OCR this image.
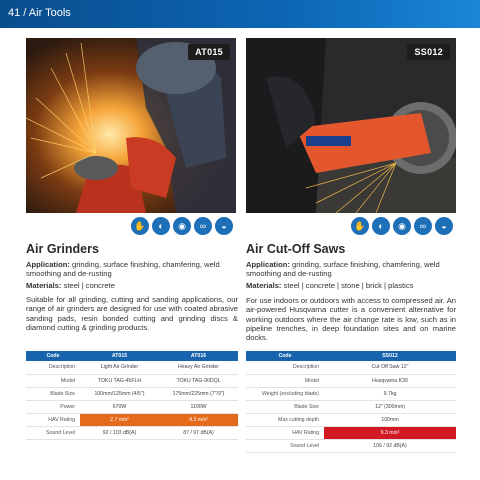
41 / Air Tools
AT015	SS012
✋	◐	◉	∞	◒	✋	◐	◉	∞	◒
Air Grinders	Air Cut-Off Saws
Application: grinding, surface finishing, chamfering, weld smoothing and de-rusting
Materials: steel | concrete
Suitable for all grinding, cutting and sanding applications, our range of air grinders are designed for use with coated abrasive sanding pads, resin bonded cutting and grinding discs & diamond cutting & grinding products.
Application: grinding, surface finishing, chamfering, weld smoothing and de-rusting
Materials: steel | concrete | stone | brick | plastics
For use indoors or outdoors with access to compressed air. An air-powered Husqvarna cutter is a convenient alternative for working outdoors where the air change rate is low, such as in pipeline trenches, in deep foundation sites and on marine docks.
Code	AT015	AT016
Description	Light Air Grinder	Heavy Air Grinder
Model	TOKU TAG-45FLH	TOKU TAG-90DQL
Blade Size	100mm/125mm (4/5")	175mm/225mm (7"/9")
Power	670W	1100W
HAV Rating	2.7 m/s²	4.3 m/s²
Sound Level	92 / 103 dB(A)	87 / 97 dB(A)
Code	SS012
Description	Cut Off Saw 12"
Model	Husqvarna K30
Weight (excluding blade)	9.7kg
Blade Size	12" (300mm)
Max cutting depth	100mm
HAV Rating	9.3 m/s²
Sound Level	106 / 92 dB(A)
